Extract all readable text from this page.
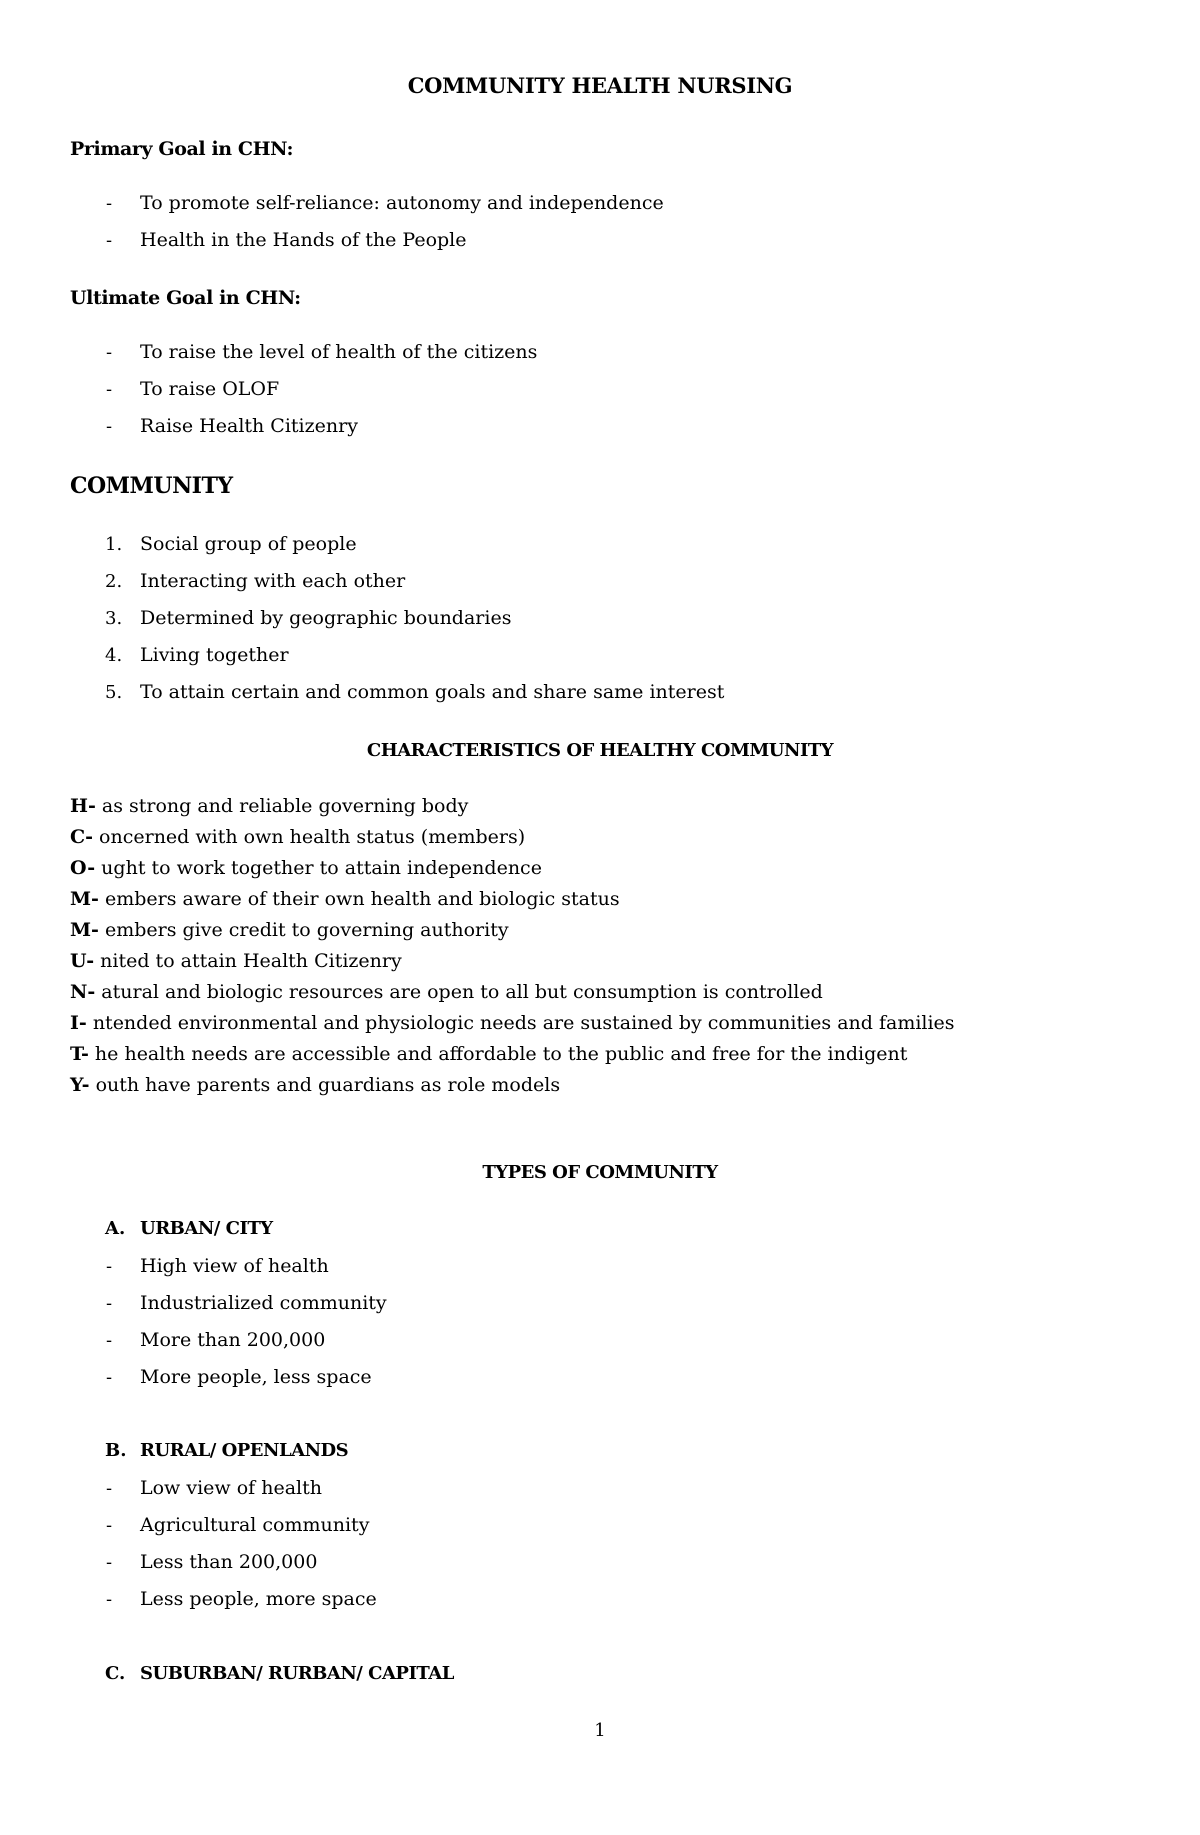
COMMUNITY HEALTH NURSING
Primary Goal in CHN:
- To promote self-reliance: autonomy and independence
- Health in the Hands of the People
Ultimate Goal in CHN:
- To raise the level of health of the citizens
- To raise OLOF
- Raise Health Citizenry
COMMUNITY
1. Social group of people
2. Interacting with each other
3. Determined by geographic boundaries
4. Living together
5. To attain certain and common goals and share same interest
CHARACTERISTICS OF HEALTHY COMMUNITY
H- as strong and reliable governing body
C- oncerned with own health status (members)
O- ught to work together to attain independence
M- embers aware of their own health and biologic status
M- embers give credit to governing authority
U- nited to attain Health Citizenry
N- atural and biologic resources are open to all but consumption is controlled
I- ntended environmental and physiologic needs are sustained by communities and families
T- he health needs are accessible and affordable to the public and free for the indigent
Y- outh have parents and guardians as role models
TYPES OF COMMUNITY
A. URBAN/ CITY
- High view of health
- Industrialized community
- More than 200,000
- More people, less space
B. RURAL/ OPENLANDS
- Low view of health
- Agricultural community
- Less than 200,000
- Less people, more space
C. SUBURBAN/ RURBAN/ CAPITAL
1
